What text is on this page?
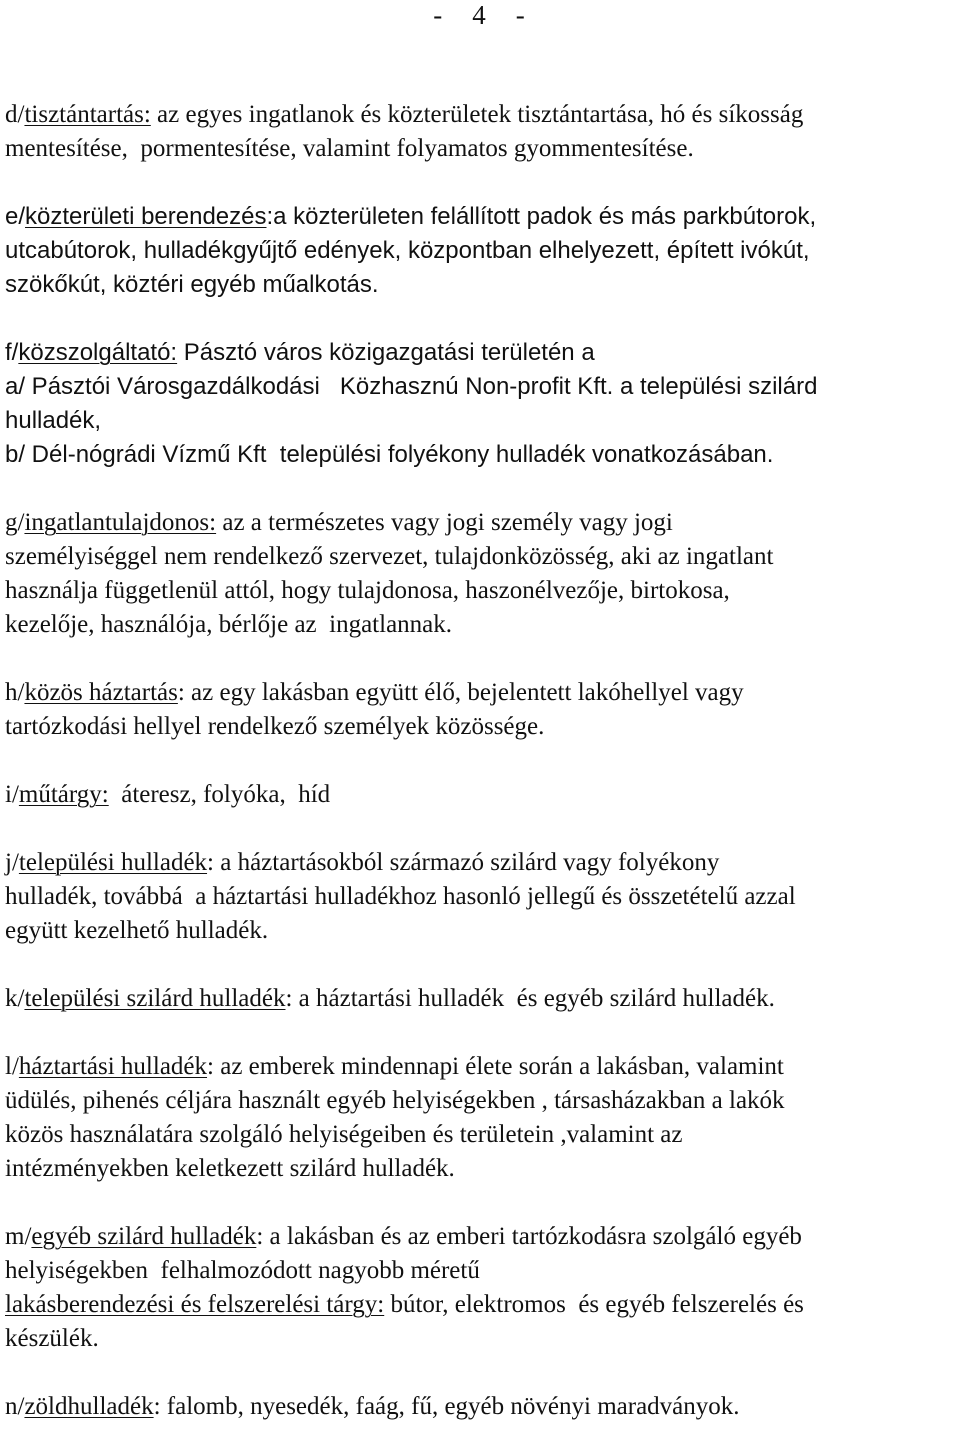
- 4 -
d/tisztántartás: az egyes ingatlanok és közterületek tisztántartása, hó és síkosság
mentesítése,  pormentesítése, valamint folyamatos gyommentesítése.
e/közterületi berendezés:a közterületen felállított padok és más parkbútorok,
utcabútorok, hulladékgyűjtő edények, központban elhelyezett, épített ivókút,
szökőkút, köztéri egyéb műalkotás.
f/közszolgáltató: Pásztó város közigazgatási területén a
a/ Pásztói Városgazdálkodási   Közhasznú Non-profit Kft. a települési szilárd
hulladék,
b/ Dél-nógrádi Vízmű Kft  települési folyékony hulladék vonatkozásában.
g/ingatlantulajdonos: az a természetes vagy jogi személy vagy jogi
személyiséggel nem rendelkező szervezet, tulajdonközösség, aki az ingatlant
használja függetlenül attól, hogy tulajdonosa, haszonélvezője, birtokosa,
kezelője, használója, bérlője az  ingatlannak.
h/közös háztartás: az egy lakásban együtt élő, bejelentett lakóhellyel vagy
tartózkodási hellyel rendelkező személyek közössége.
i/műtárgy:  áteresz, folyóka,  híd
j/települési hulladék: a háztartásokból származó szilárd vagy folyékony
hulladék, továbbá  a háztartási hulladékhoz hasonló jellegű és összetételű azzal
együtt kezelhető hulladék.
k/települési szilárd hulladék: a háztartási hulladék  és egyéb szilárd hulladék.
l/háztartási hulladék: az emberek mindennapi élete során a lakásban, valamint
üdülés, pihenés céljára használt egyéb helyiségekben , társasházakban a lakók
közös használatára szolgáló helyiségeiben és területein ,valamint az
intézményekben keletkezett szilárd hulladék.
m/egyéb szilárd hulladék: a lakásban és az emberi tartózkodásra szolgáló egyéb
helyiségekben  felhalmozódott nagyobb méretű
lakásberendezési és felszerelési tárgy: bútor, elektromos  és egyéb felszerelés és
készülék.
n/zöldhulladék: falomb, nyesedék, faág, fű, egyéb növényi maradványok.
